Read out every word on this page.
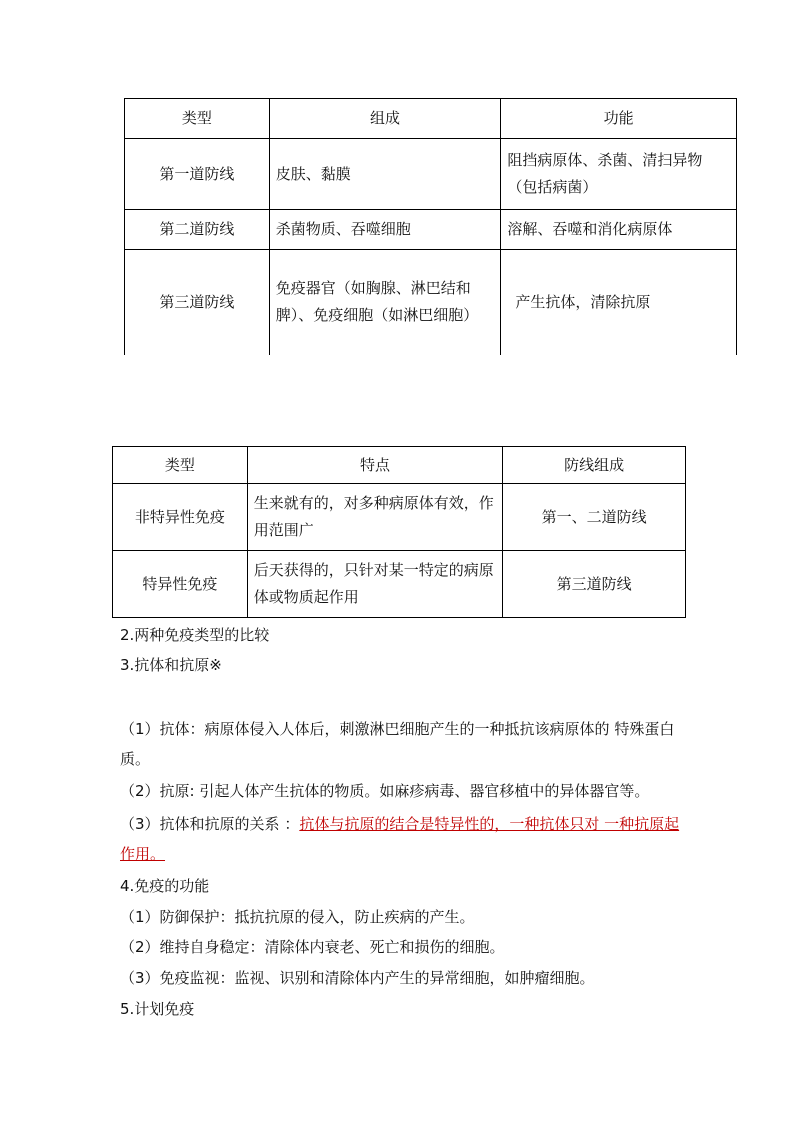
类型	组成	功能
第一道防线	皮肤、黏膜	阻挡病原体、杀菌、清扫异物（包括病菌）
第二道防线	杀菌物质、吞噬细胞	溶解、吞噬和消化病原体
第三道防线	免疫器官（如胸腺、淋巴结和脾）、免疫细胞（如淋巴细胞）	产生抗体，清除抗原
类型	特点	防线组成
非特异性免疫	生来就有的，对多种病原体有效，作用范围广	第一、二道防线
特异性免疫	后天获得的，只针对某一特定的病原体或物质起作用	第三道防线

2.两种免疫类型的比较

3.抗体和抗原※

（1）抗体：病原体侵入人体后，刺激淋巴细胞产生的一种抵抗该病原体的 特殊蛋白质。

（2）抗原: 引起人体产生抗体的物质。如麻疹病毒、器官移植中的异体器官等。

（3）抗体和抗原的关系 ：抗体与抗原的结合是特异性的，一种抗体只对 一种抗原起作用。

4.免疫的功能

（1）防御保护：抵抗抗原的侵入，防止疾病的产生。

（2）维持自身稳定：清除体内衰老、死亡和损伤的细胞。

（3）免疫监视：监视、识别和清除体内产生的异常细胞，如肿瘤细胞。

5.计划免疫
